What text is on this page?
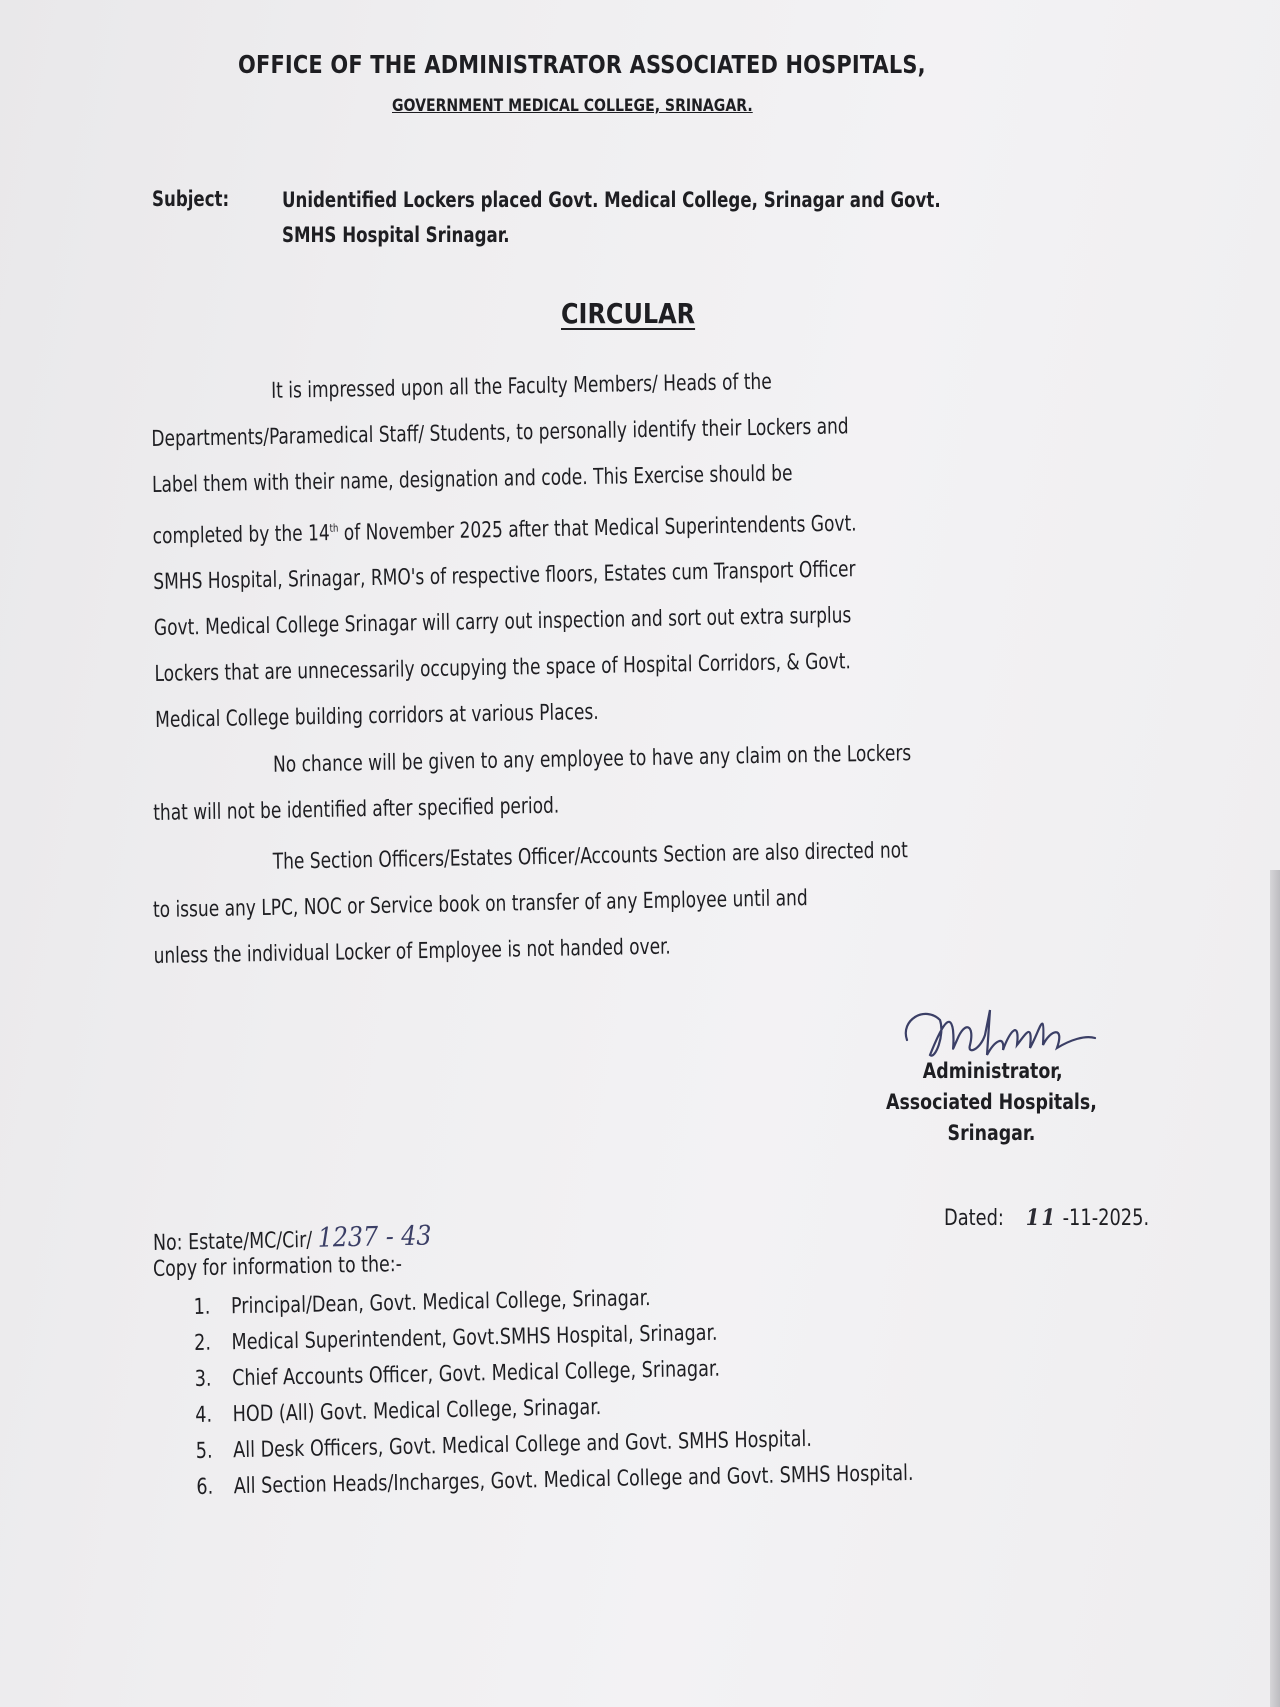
OFFICE OF THE ADMINISTRATOR ASSOCIATED HOSPITALS,
GOVERNMENT MEDICAL COLLEGE, SRINAGAR.
Subject:	Unidentified Lockers placed Govt. Medical College, Srinagar and Govt.
SMHS Hospital Srinagar.
CIRCULAR
It is impressed upon all the Faculty Members/ Heads of the
Departments/Paramedical Staff/ Students, to personally identify their Lockers and
Label them with their name, designation and code. This Exercise should be
completed by the 14th of November 2025 after that Medical Superintendents Govt.
SMHS Hospital, Srinagar, RMO's of respective floors, Estates cum Transport Officer
Govt. Medical College Srinagar will carry out inspection and sort out extra surplus
Lockers that are unnecessarily occupying the space of Hospital Corridors, & Govt.
Medical College building corridors at various Places.
No chance will be given to any employee to have any claim on the Lockers
that will not be identified after specified period.
The Section Officers/Estates Officer/Accounts Section are also directed not
to issue any LPC, NOC or Service book on transfer of any Employee until and
unless the individual Locker of Employee is not handed over.
Administrator,
Associated Hospitals,
Srinagar.
Dated: 11 -11-2025.
No: Estate/MC/Cir/ 1237 - 43
Copy for information to the:-
1. Principal/Dean, Govt. Medical College, Srinagar.
2. Medical Superintendent, Govt.SMHS Hospital, Srinagar.
3. Chief Accounts Officer, Govt. Medical College, Srinagar.
4. HOD (All) Govt. Medical College, Srinagar.
5. All Desk Officers, Govt. Medical College and Govt. SMHS Hospital.
6. All Section Heads/Incharges, Govt. Medical College and Govt. SMHS Hospital.
